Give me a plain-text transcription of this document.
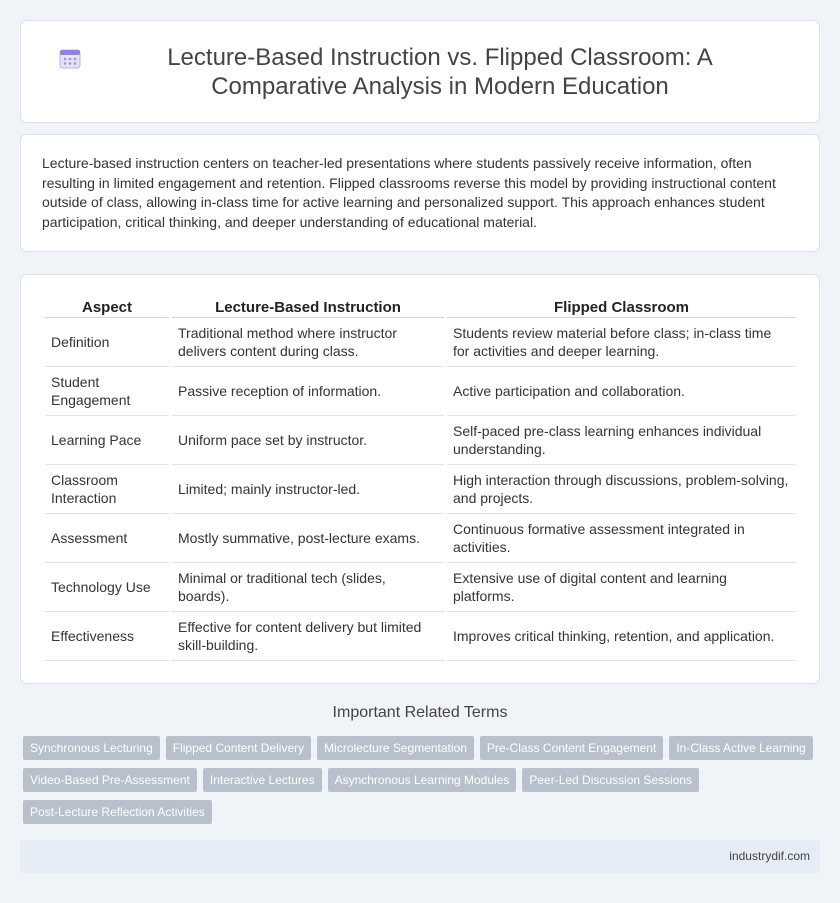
Lecture-Based Instruction vs. Flipped Classroom: A Comparative Analysis in Modern Education

Lecture-based instruction centers on teacher-led presentations where students passively receive information, often resulting in limited engagement and retention. Flipped classrooms reverse this model by providing instructional content outside of class, allowing in-class time for active learning and personalized support. This approach enhances student participation, critical thinking, and deeper understanding of educational material.

Aspect	Lecture-Based Instruction	Flipped Classroom
Definition	Traditional method where instructor delivers content during class.	Students review material before class; in-class time for activities and deeper learning.
Student Engagement	Passive reception of information.	Active participation and collaboration.
Learning Pace	Uniform pace set by instructor.	Self-paced pre-class learning enhances individual understanding.
Classroom Interaction	Limited; mainly instructor-led.	High interaction through discussions, problem-solving, and projects.
Assessment	Mostly summative, post-lecture exams.	Continuous formative assessment integrated in activities.
Technology Use	Minimal or traditional tech (slides, boards).	Extensive use of digital content and learning platforms.
Effectiveness	Effective for content delivery but limited skill-building.	Improves critical thinking, retention, and application.
Important Related Terms
Synchronous Lecturing	Flipped Content Delivery	Microlecture Segmentation	Pre-Class Content Engagement	In-Class Active Learning
Video-Based Pre-Assessment	Interactive Lectures	Asynchronous Learning Modules	Peer-Led Discussion Sessions
Post-Lecture Reflection Activities
industrydif.com
